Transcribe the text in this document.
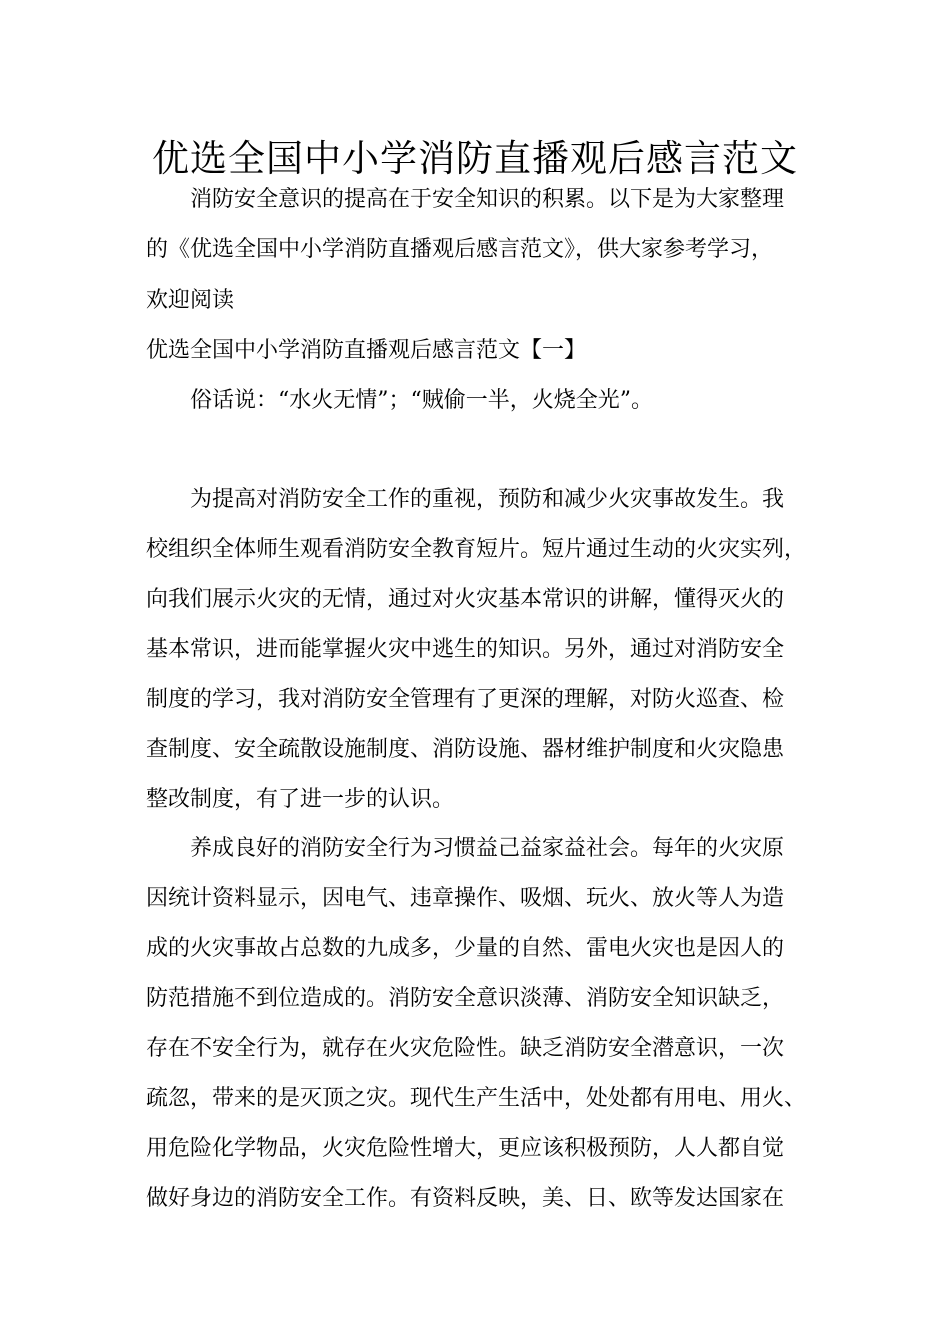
优选全国中小学消防直播观后感言范文
消防安全意识的提高在于安全知识的积累。以下是为大家整理
的《优选全国中小学消防直播观后感言范文》，供大家参考学习，
欢迎阅读
优选全国中小学消防直播观后感言范文【一】
俗话说：“水火无情”；“贼偷一半，火烧全光”。
为提高对消防安全工作的重视，预防和减少火灾事故发生。我
校组织全体师生观看消防安全教育短片。短片通过生动的火灾实列，
向我们展示火灾的无情，通过对火灾基本常识的讲解，懂得灭火的
基本常识，进而能掌握火灾中逃生的知识。另外，通过对消防安全
制度的学习，我对消防安全管理有了更深的理解，对防火巡查、检
查制度、安全疏散设施制度、消防设施、器材维护制度和火灾隐患
整改制度，有了进一步的认识。
养成良好的消防安全行为习惯益己益家益社会。每年的火灾原
因统计资料显示，因电气、违章操作、吸烟、玩火、放火等人为造
成的火灾事故占总数的九成多，少量的自然、雷电火灾也是因人的
防范措施不到位造成的。消防安全意识淡薄、消防安全知识缺乏，
存在不安全行为，就存在火灾危险性。缺乏消防安全潜意识，一次
疏忽，带来的是灭顶之灾。现代生产生活中，处处都有用电、用火、
用危险化学物品，火灾危险性增大，更应该积极预防，人人都自觉
做好身边的消防安全工作。有资料反映，美、日、欧等发达国家在
